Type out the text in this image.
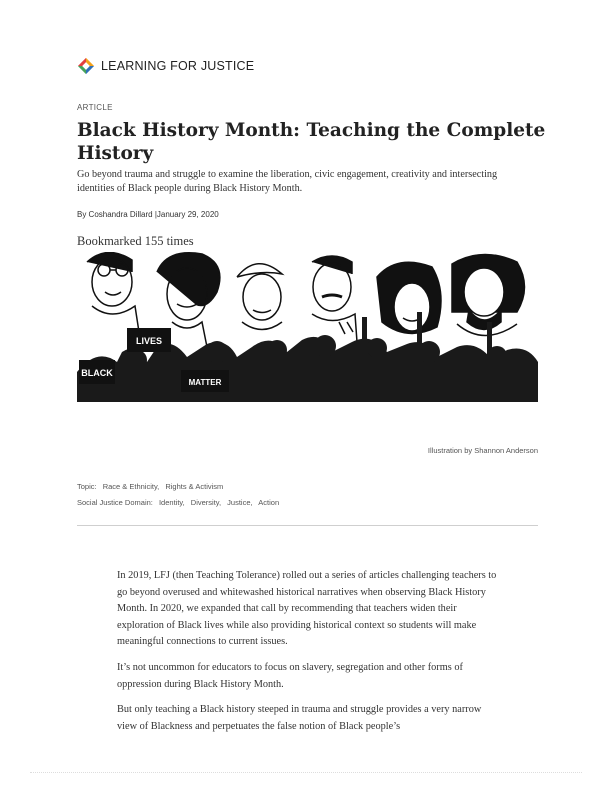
LEARNING FOR JUSTICE
ARTICLE
Black History Month: Teaching the Complete History
Go beyond trauma and struggle to examine the liberation, civic engagement, creativity and intersecting identities of Black people during Black History Month.
By Coshandra Dillard |January 29, 2020
Bookmarked 155 times
BLACK
LIVES
MATTER
Illustration by Shannon Anderson
Topic: Race & Ethnicity, Rights & Activism
Social Justice Domain: Identity, Diversity, Justice, Action

In 2019, LFJ (then Teaching Tolerance) rolled out a series of articles challenging teachers to go beyond overused and whitewashed historical narratives when observing Black History Month. In 2020, we expanded that call by recommending that teachers widen their exploration of Black lives while also providing historical context so students will make meaningful connections to current issues.

It’s not uncommon for educators to focus on slavery, segregation and other forms of oppression during Black History Month.

But only teaching a Black history steeped in trauma and struggle provides a very narrow view of Blackness and perpetuates the false notion of Black people’s
